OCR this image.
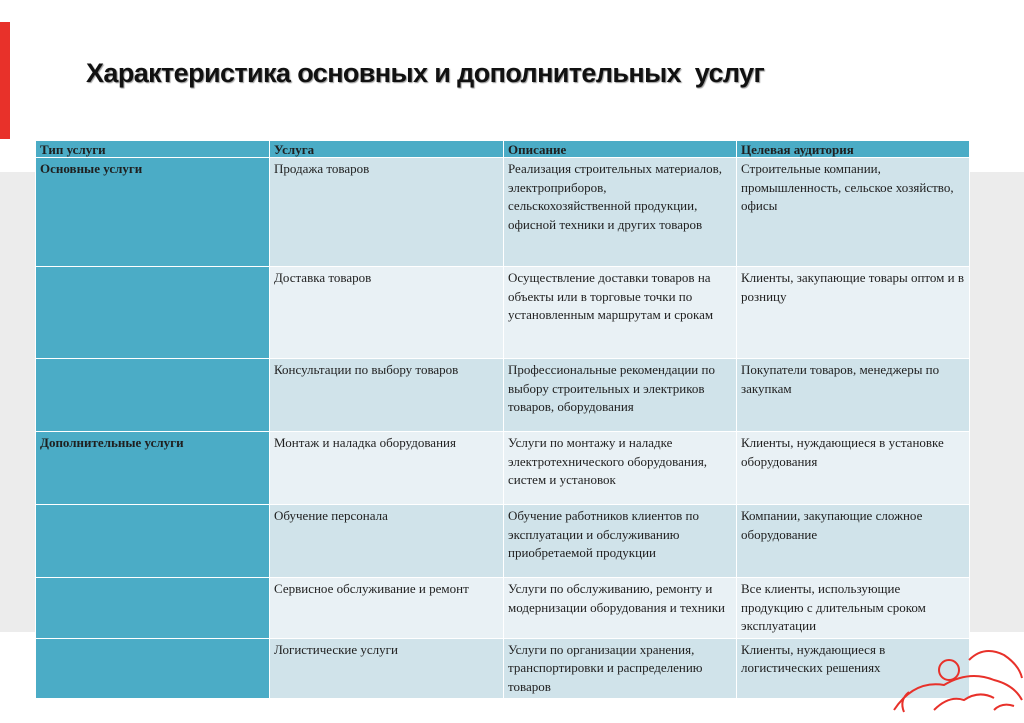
Характеристика основных и дополнительных  услуг
Тип услуги	Услуга	Описание	Целевая аудитория
Основные услуги	Продажа товаров	Реализация строительных материалов, электроприборов, сельскохозяйственной продукции, офисной техники и других товаров	Строительные компании, промышленность, сельское хозяйство, офисы
	Доставка товаров	Осуществление доставки товаров на объекты или в торговые точки по установленным маршрутам и срокам	Клиенты, закупающие товары оптом и в розницу
	Консультации по выбору товаров	Профессиональные рекомендации по выбору строительных и электриков товаров, оборудования	Покупатели товаров, менеджеры по закупкам
Дополнительные услуги	Монтаж и наладка оборудования	Услуги по монтажу и наладке электротехнического оборудования, систем и установок	Клиенты, нуждающиеся в установке оборудования
	Обучение персонала	Обучение работников клиентов по эксплуатации и обслуживанию приобретаемой продукции	Компании, закупающие сложное оборудование
	Сервисное обслуживание и ремонт	Услуги по обслуживанию, ремонту и модернизации оборудования и техники	Все клиенты, использующие продукцию с длительным сроком эксплуатации
	Логистические услуги	Услуги по организации хранения, транспортировки и распределению товаров	Клиенты, нуждающиеся в логистических решениях
